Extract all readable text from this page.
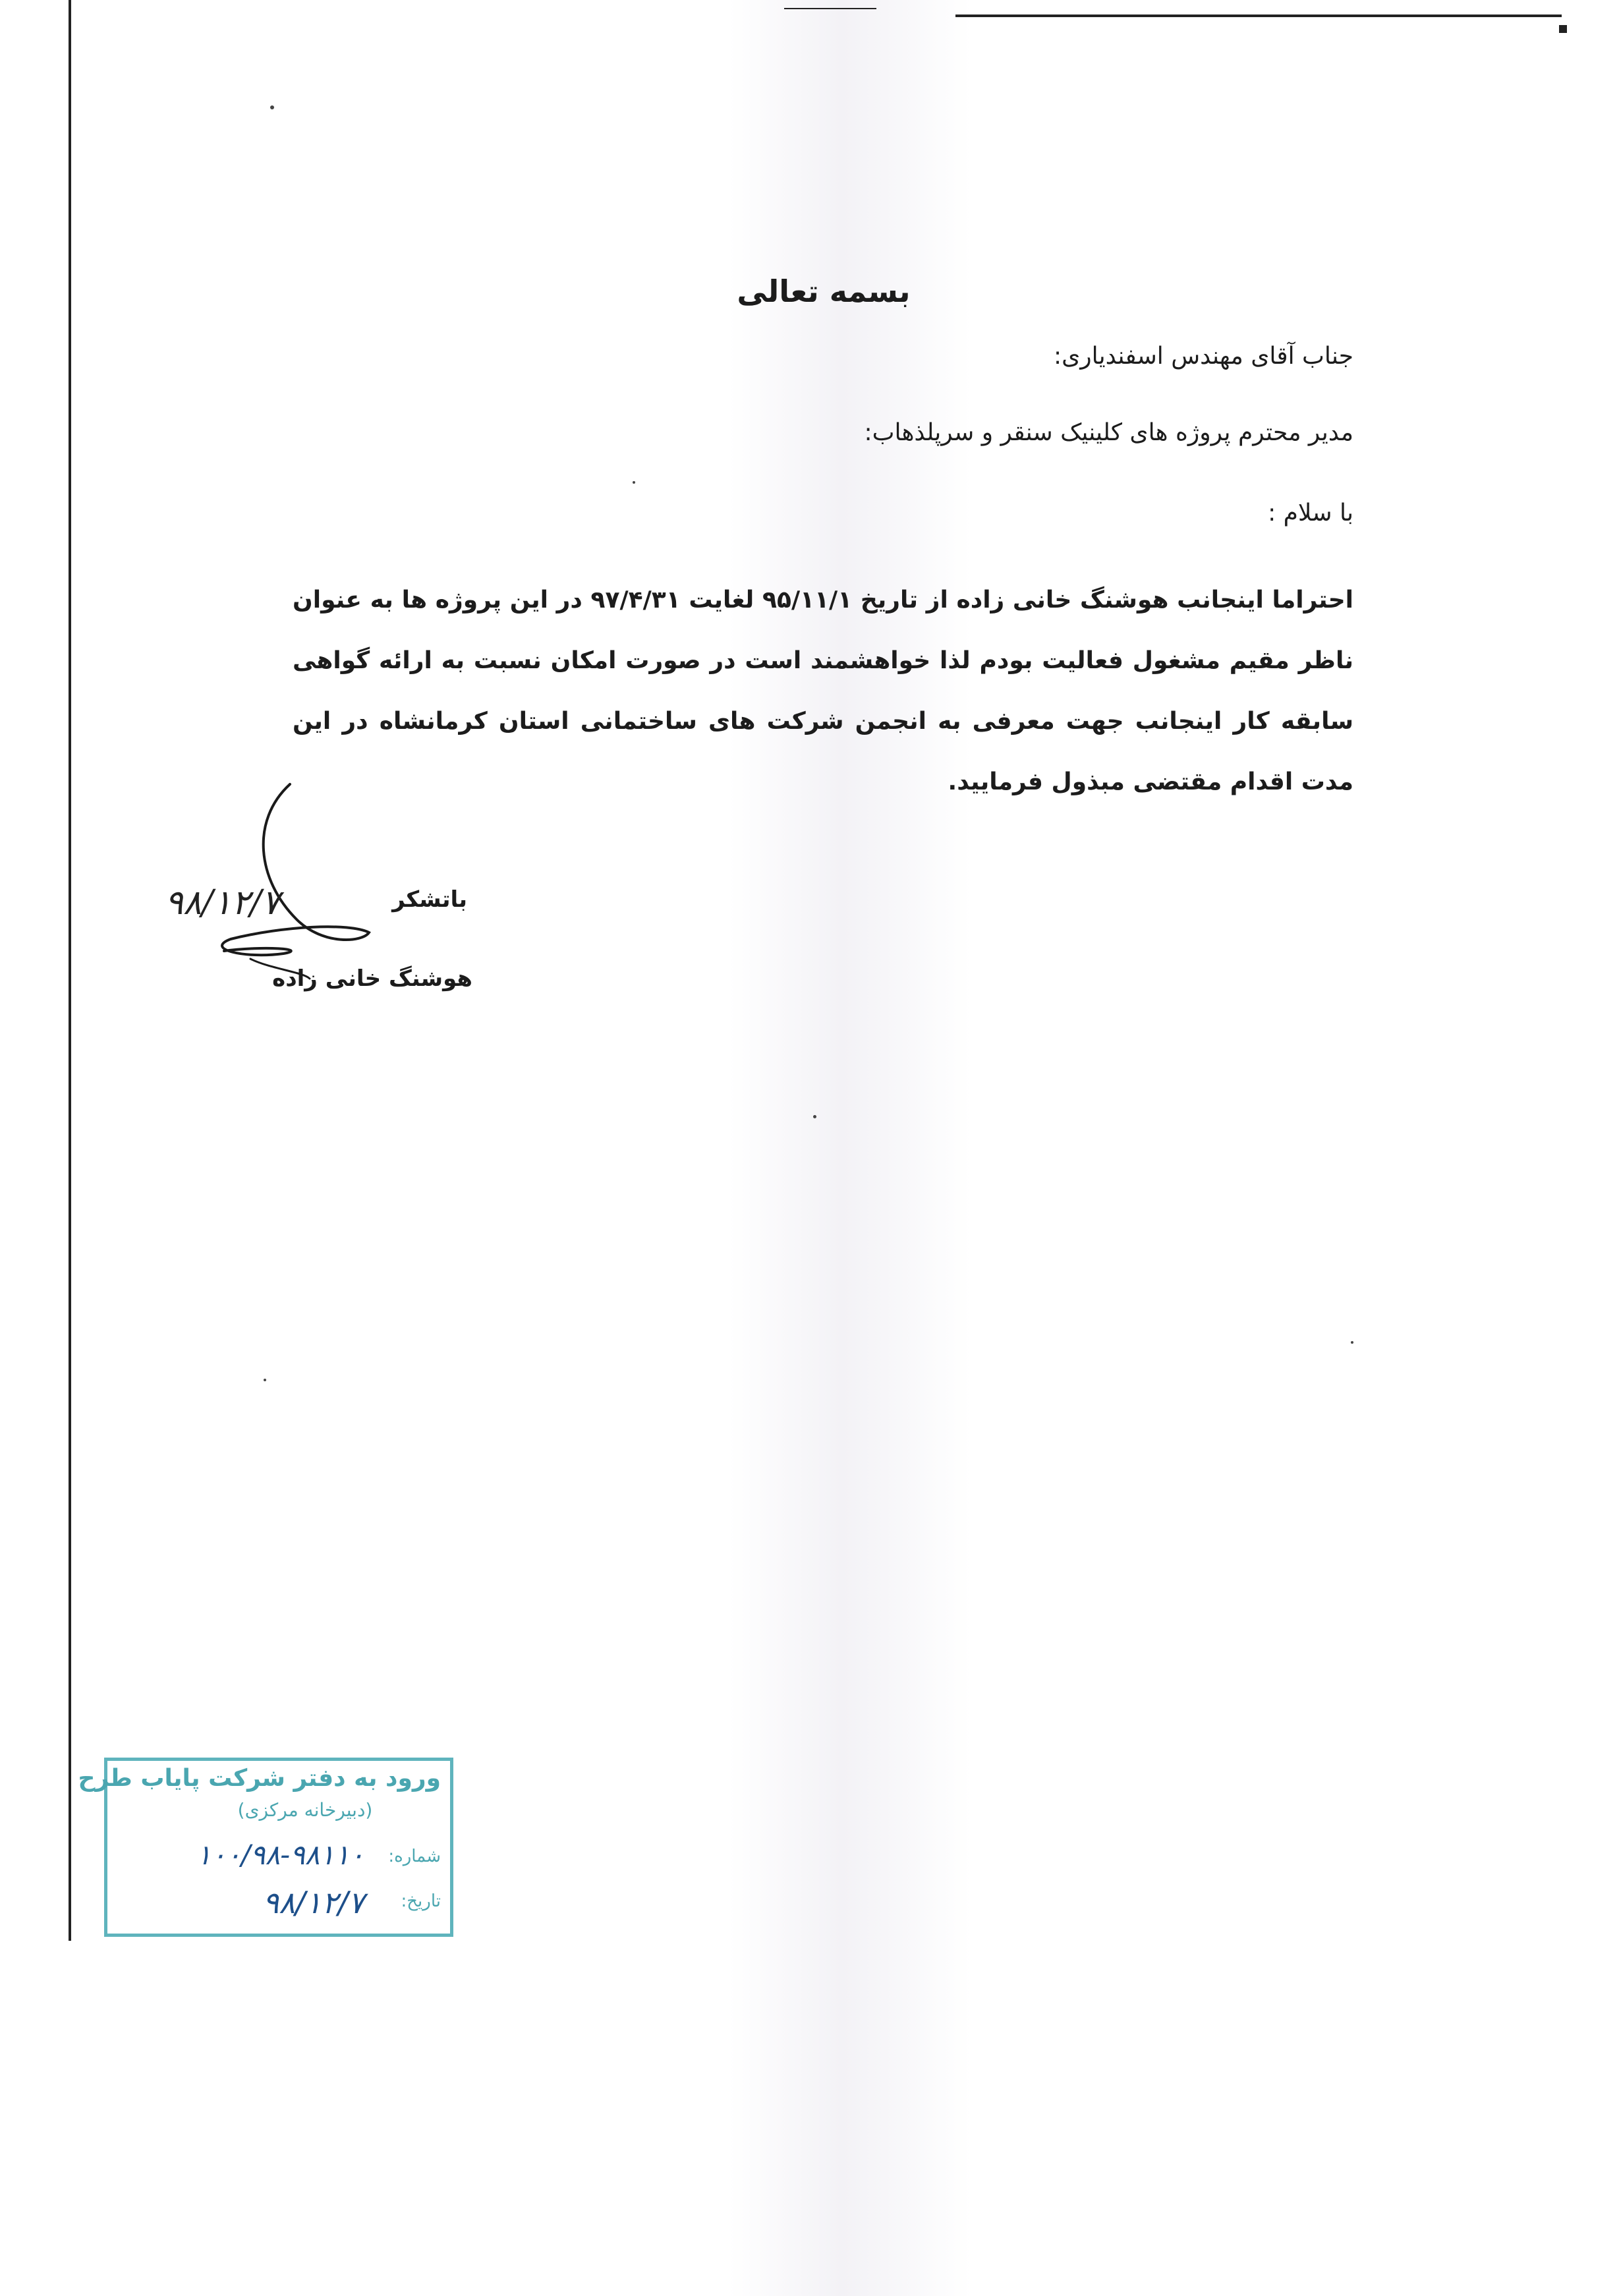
بسمه تعالی
جناب آقای مهندس اسفندیاری:
مدیر محترم پروژه های کلینیک سنقر و سرپلذهاب:
با سلام :
احتراما اینجانب هوشنگ خانی زاده از تاریخ ۹۵/۱۱/۱ لغایت ۹۷/۴/۳۱ در این پروژه ها به عنوان ناظر مقیم مشغول فعالیت بودم لذا خواهشمند است در صورت امکان نسبت به ارائه گواهی سابقه کار اینجانب جهت معرفی به انجمن شرکت های ساختمانی استان کرمانشاه در این مدت اقدام مقتضی مبذول فرمایید.
باتشکر
هوشنگ خانی زاده
۹۸/۱۲/۷
ورود به دفتر شرکت پایاب طرح
(دبیرخانه مرکزی)
شماره:
۱۰۰/۹۸-۹۸۱۱۰
تاریخ:
۹۸/۱۲/۷
